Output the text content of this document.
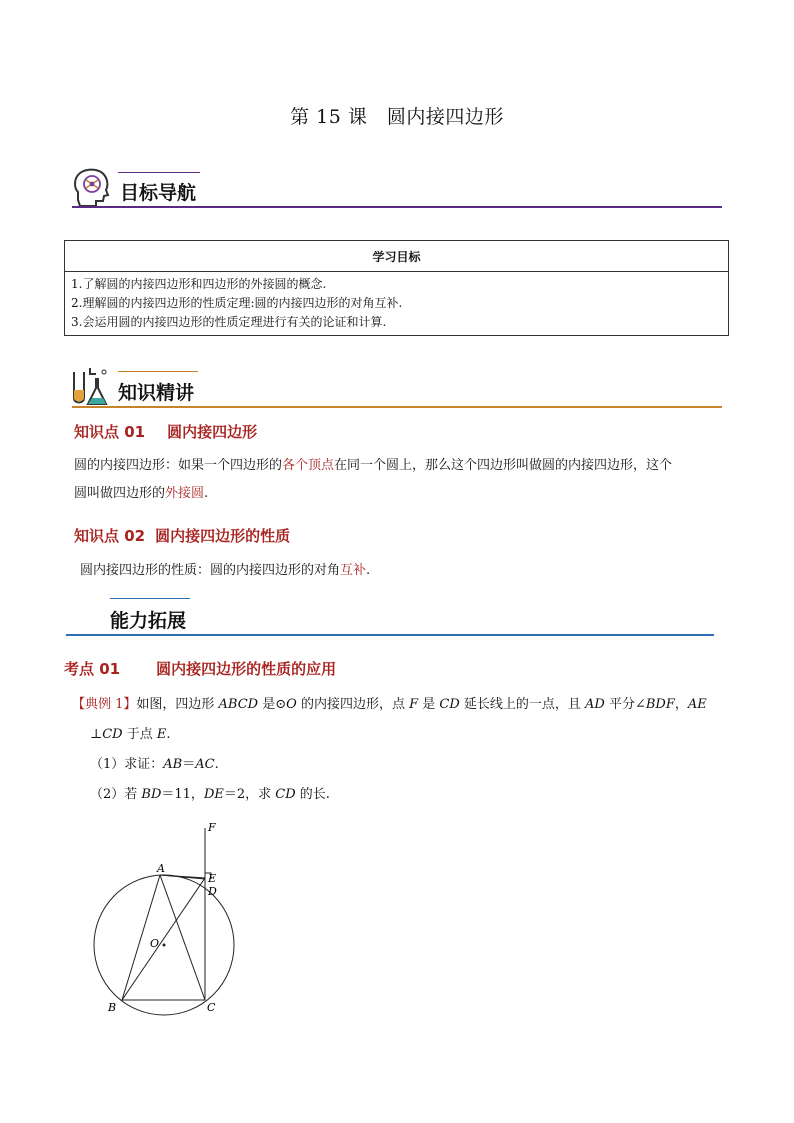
第 15 课　圆内接四边形
目标导航
学习目标

1.了解圆的内接四边形和四边形的外接圆的概念.
2.理解圆的内接四边形的性质定理:圆的内接四边形的对角互补.
3.会运用圆的内接四边形的性质定理进行有关的论证和计算.
知识精讲
知识点 01 圆内接四边形
圆的内接四边形：如果一个四边形的各个顶点在同一个圆上，那么这个四边形叫做圆的内接四边形，这个
圆叫做四边形的外接圆.
知识点 02 圆内接四边形的性质
圆内接四边形的性质：圆的内接四边形的对角互补.
能力拓展
考点 01 圆内接四边形的性质的应用
【典例 1】如图，四边形 ABCD 是⊙O 的内接四边形，点 F 是 CD 延长线上的一点，且 AD 平分∠BDF，AE
⊥CD 于点 E.
（1）求证：AB＝AC.
（2）若 BD＝11，DE＝2，求 CD 的长.
F
A
E
D
O
B	C
